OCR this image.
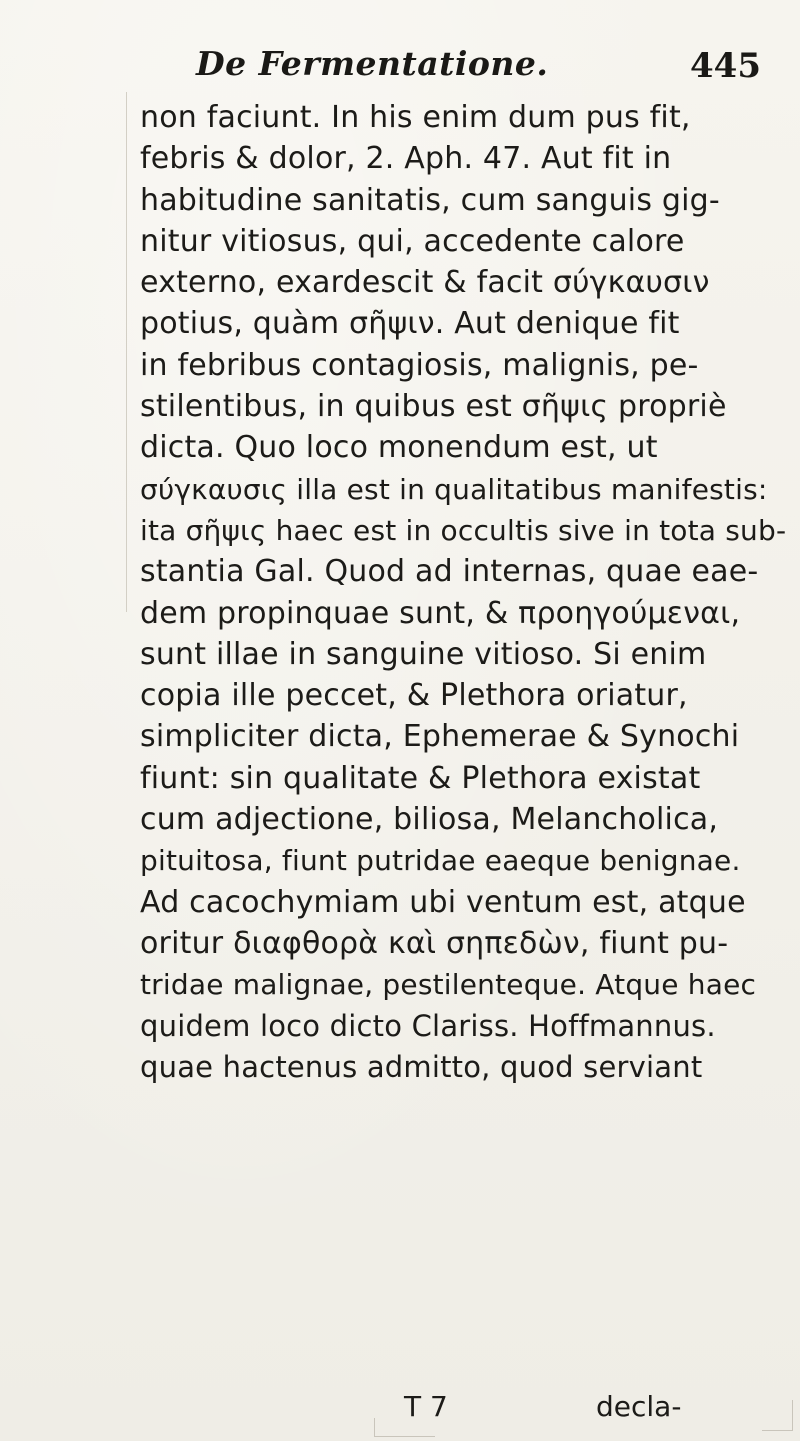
De Fermentatione.	445
non faciunt. In his enim dum pus fit,
febris & dolor, 2. Aph. 47. Aut fit in
habitudine sanitatis, cum sanguis gig-
nitur vitiosus, qui, accedente calore
externo, exardescit & facit σύγκαυσιν
potius, quàm σῆψιν. Aut denique fit
in febribus contagiosis, malignis, pe-
stilentibus, in quibus est σῆψις propriè
dicta. Quo loco monendum est, ut
σύγκαυσις illa est in qualitatibus manifestis:
ita σῆψις haec est in occultis sive in tota sub-
stantia Gal. Quod ad internas, quae eae-
dem propinquae sunt, & προηγούμεναι,
sunt illae in sanguine vitioso. Si enim
copia ille peccet, & Plethora oriatur,
simpliciter dicta, Ephemerae & Synochi
fiunt: sin qualitate & Plethora existat
cum adjectione, biliosa, Melancholica,
pituitosa, fiunt putridae eaeque benignae.
Ad cacochymiam ubi ventum est, atque
oritur διαφθορὰ καὶ σηπεδὼν, fiunt pu-
tridae malignae, pestilenteque. Atque haec
quidem loco dicto Clariss. Hoffmannus.
quae hactenus admitto, quod serviant
T 7	decla-
